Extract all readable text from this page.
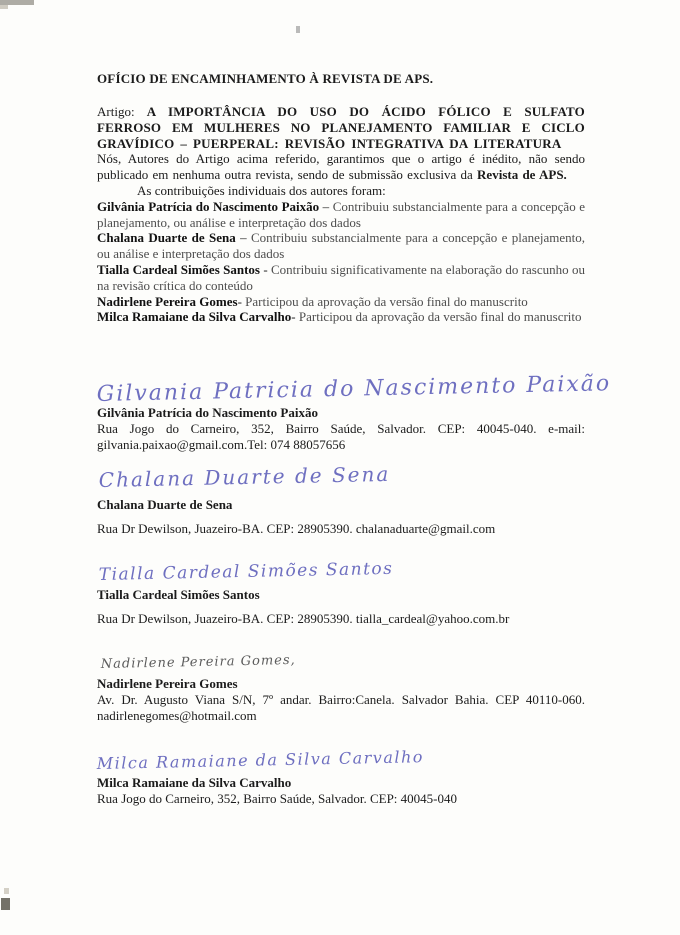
OFÍCIO DE ENCAMINHAMENTO À REVISTA DE APS.

Artigo: A IMPORTÂNCIA DO USO DO ÁCIDO FÓLICO E SULFATO FERROSO EM MULHERES NO PLANEJAMENTO FAMILIAR E CICLO GRAVÍDICO – PUERPERAL: REVISÃO INTEGRATIVA DA LITERATURA

Nós, Autores do Artigo acima referido, garantimos que o artigo é inédito, não sendo publicado em nenhuma outra revista, sendo de submissão exclusiva da Revista de APS.

As contribuições individuais dos autores foram:

Gilvânia Patrícia do Nascimento Paixão – Contribuiu substancialmente para a concepção e planejamento, ou análise e interpretação dos dados

Chalana Duarte de Sena – Contribuiu substancialmente para a concepção e planejamento, ou análise e interpretação dos dados

Tialla Cardeal Simões Santos - Contribuiu significativamente na elaboração do rascunho ou na revisão crítica do conteúdo

Nadirlene Pereira Gomes- Participou da aprovação da versão final do manuscrito

Milca Ramaiane da Silva Carvalho- Participou da aprovação da versão final do manuscrito

Gilvania Patricia do Nascimento Paixão
Gilvânia Patrícia do Nascimento Paixão
Rua Jogo do Carneiro, 352, Bairro Saúde, Salvador. CEP: 40045-040. e-mail: gilvania.paixao@gmail.com.Tel: 074 88057656
Chalana Duarte de Sena
Chalana Duarte de Sena
Rua Dr Dewilson, Juazeiro-BA. CEP: 28905390. chalanaduarte@gmail.com
Tialla Cardeal Simões Santos
Tialla Cardeal Simões Santos
Rua Dr Dewilson, Juazeiro-BA. CEP: 28905390. tialla_cardeal@yahoo.com.br
Nadirlene Pereira Gomes,
Nadirlene Pereira Gomes
Av. Dr. Augusto Viana S/N, 7º andar. Bairro:Canela. Salvador Bahia. CEP 40110-060. nadirlenegomes@hotmail.com
Milca Ramaiane da Silva Carvalho
Milca Ramaiane da Silva Carvalho
Rua Jogo do Carneiro, 352, Bairro Saúde, Salvador. CEP: 40045-040
